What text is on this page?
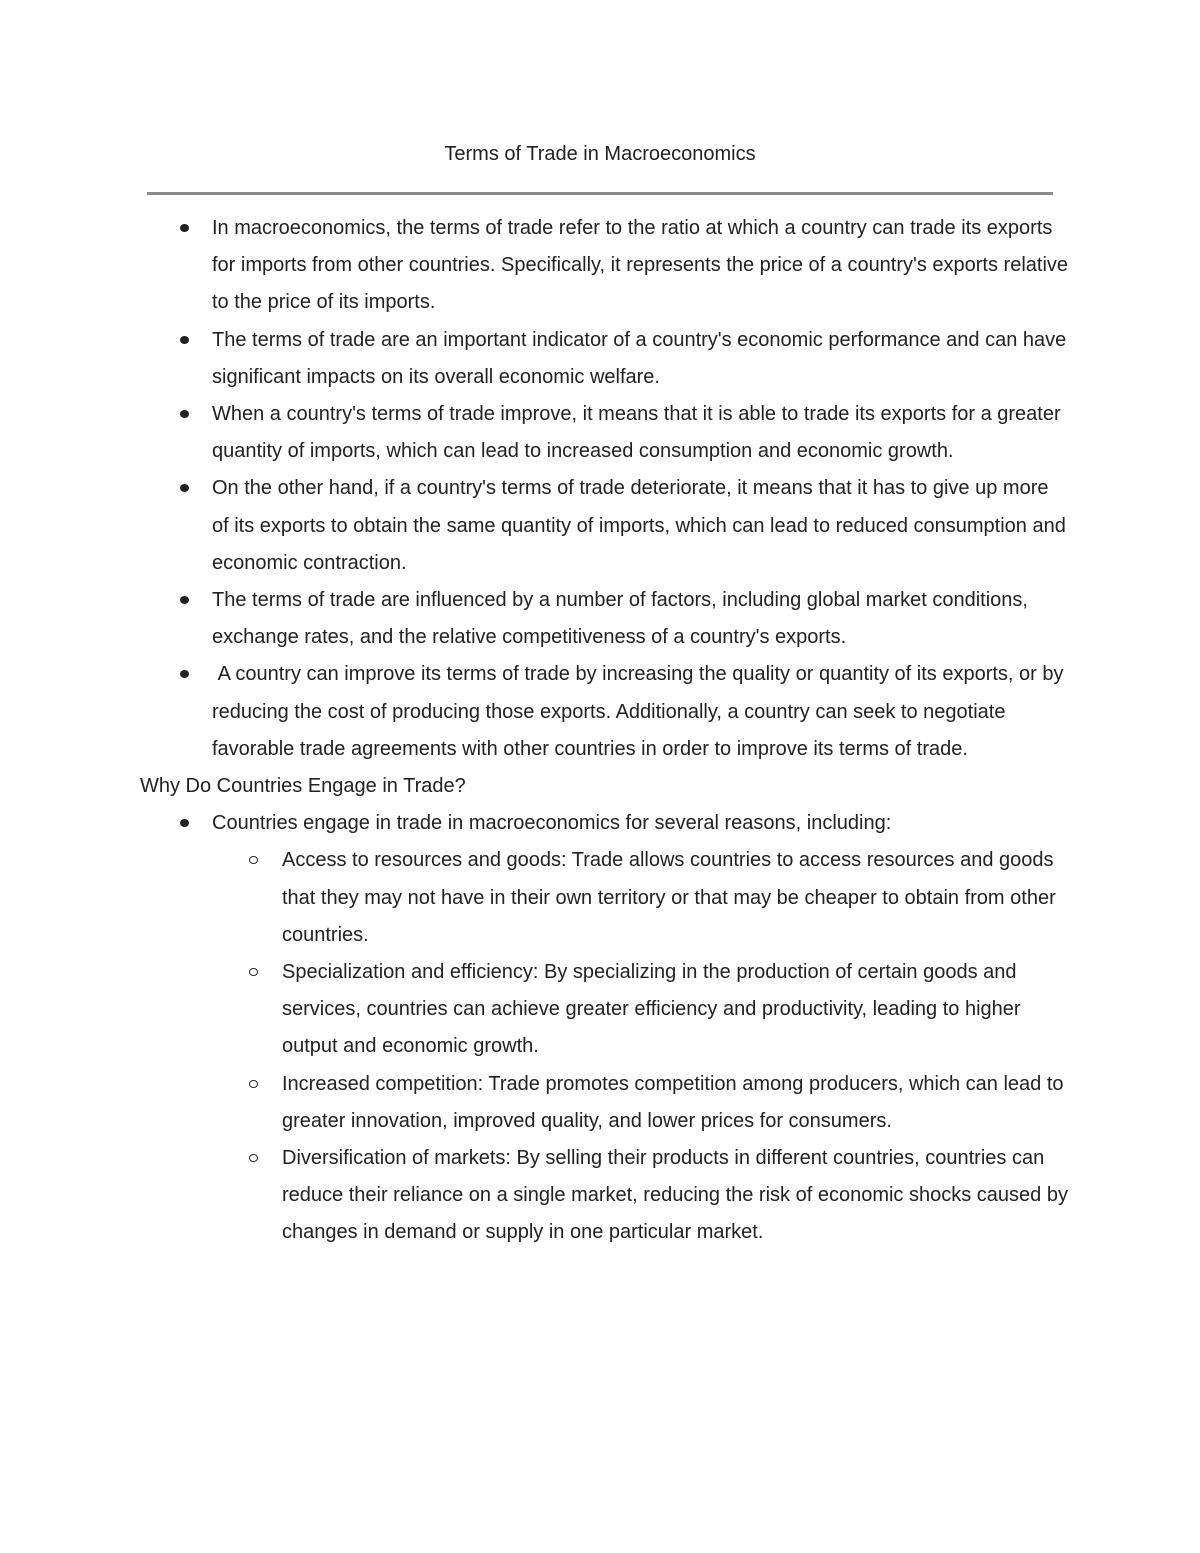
Terms of Trade in Macroeconomics
In macroeconomics, the terms of trade refer to the ratio at which a country can trade its exports for imports from other countries. Specifically, it represents the price of a country's exports relative to the price of its imports.
The terms of trade are an important indicator of a country's economic performance and can have significant impacts on its overall economic welfare.
When a country's terms of trade improve, it means that it is able to trade its exports for a greater quantity of imports, which can lead to increased consumption and economic growth.
On the other hand, if a country's terms of trade deteriorate, it means that it has to give up more of its exports to obtain the same quantity of imports, which can lead to reduced consumption and economic contraction.
The terms of trade are influenced by a number of factors, including global market conditions, exchange rates, and the relative competitiveness of a country's exports.
A country can improve its terms of trade by increasing the quality or quantity of its exports, or by reducing the cost of producing those exports. Additionally, a country can seek to negotiate favorable trade agreements with other countries in order to improve its terms of trade.

Why Do Countries Engage in Trade?

Countries engage in trade in macroeconomics for several reasons, including:
Access to resources and goods: Trade allows countries to access resources and goods that they may not have in their own territory or that may be cheaper to obtain from other countries.
Specialization and efficiency: By specializing in the production of certain goods and services, countries can achieve greater efficiency and productivity, leading to higher output and economic growth.
Increased competition: Trade promotes competition among producers, which can lead to greater innovation, improved quality, and lower prices for consumers.
Diversification of markets: By selling their products in different countries, countries can reduce their reliance on a single market, reducing the risk of economic shocks caused by changes in demand or supply in one particular market.
